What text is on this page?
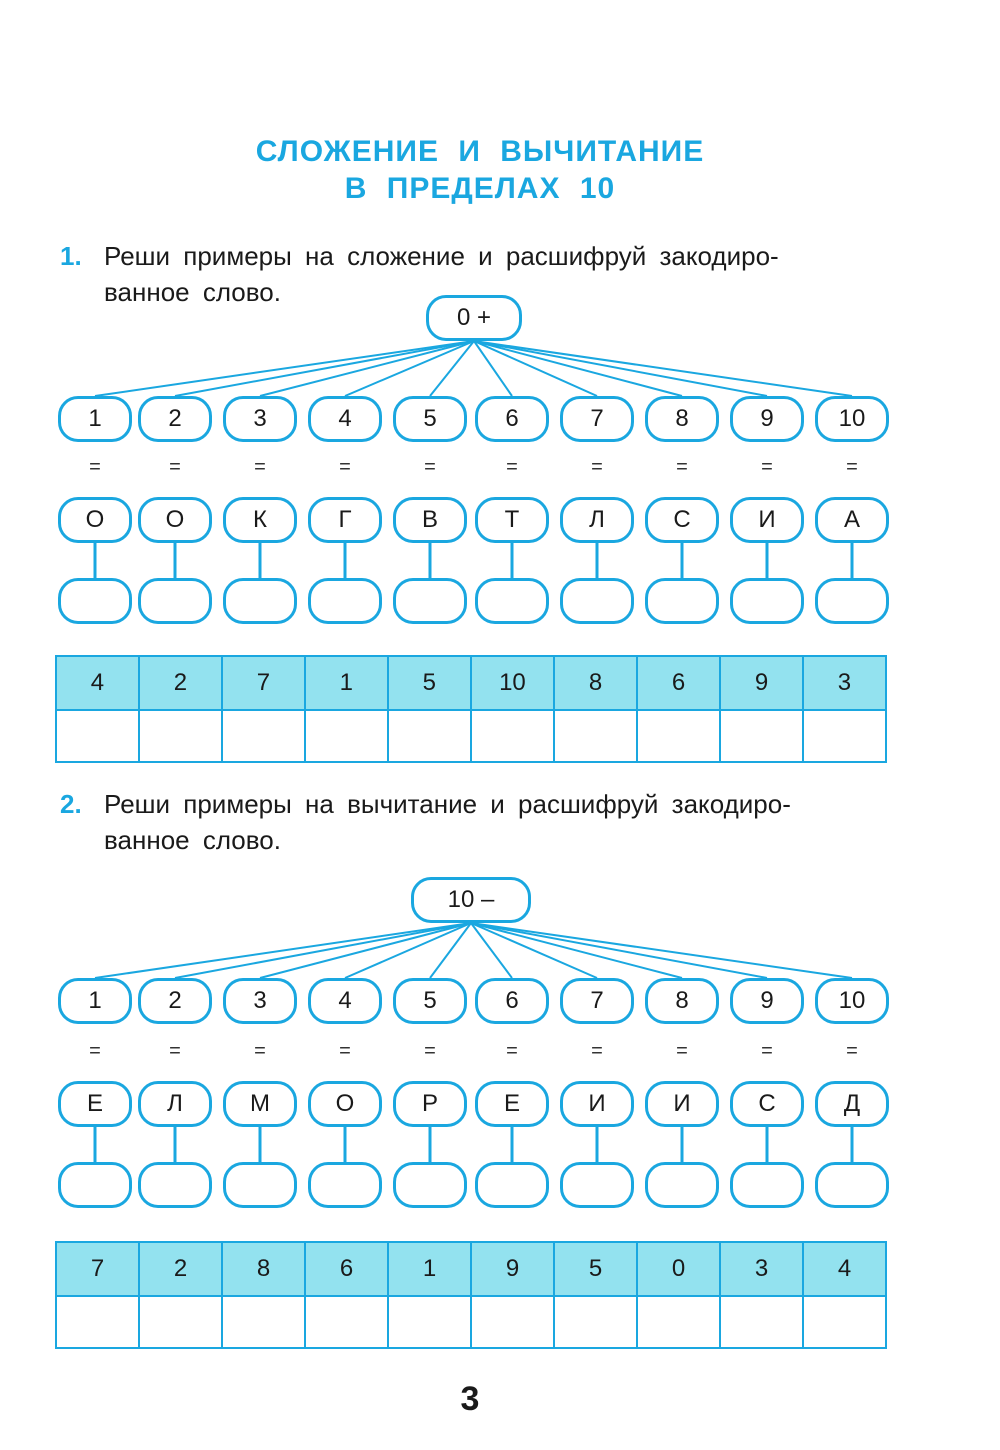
СЛОЖЕНИЕ И ВЫЧИТАНИЕ
В ПРЕДЕЛАХ 10
1. Реши примеры на сложение и расшифруй закодиро-
ванное слово.
4	2	7	1	5	10	8	6	9	3

2. Реши примеры на вычитание и расшифруй закодиро-
ванное слово.
7	2	8	6	1	9	5	0	3	4

3
0 +
1
=
О
2
=
О
3
=
К
4
=
Г
5
=
В
6
=
Т
7
=
Л
8
=
С
9
=
И
10
=
А
10 –
1
=
Е
2
=
Л
3
=
М
4
=
О
5
=
Р
6
=
Е
7
=
И
8
=
И
9
=
С
10
=
Д
